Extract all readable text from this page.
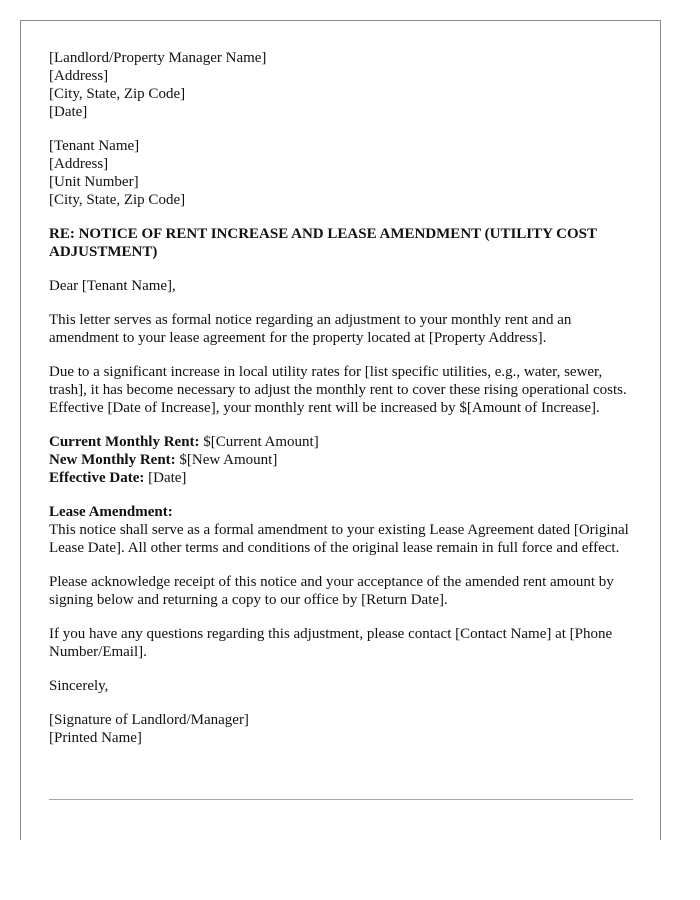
[Landlord/Property Manager Name]
[Address]
[City, State, Zip Code]
[Date]
[Tenant Name]
[Address]
[Unit Number]
[City, State, Zip Code]
RE: NOTICE OF RENT INCREASE AND LEASE AMENDMENT (UTILITY COST ADJUSTMENT)

Dear [Tenant Name],

This letter serves as formal notice regarding an adjustment to your monthly rent and an amendment to your lease agreement for the property located at [Property Address].

Due to a significant increase in local utility rates for [list specific utilities, e.g., water, sewer, trash], it has become necessary to adjust the monthly rent to cover these rising operational costs. Effective [Date of Increase], your monthly rent will be increased by $[Amount of Increase].

Current Monthly Rent: $[Current Amount]
New Monthly Rent: $[New Amount]
Effective Date: [Date]
Lease Amendment:
This notice shall serve as a formal amendment to your existing Lease Agreement dated [Original Lease Date]. All other terms and conditions of the original lease remain in full force and effect.

Please acknowledge receipt of this notice and your acceptance of the amended rent amount by signing below and returning a copy to our office by [Return Date].

If you have any questions regarding this adjustment, please contact [Contact Name] at [Phone Number/Email].

Sincerely,

[Signature of Landlord/Manager]
[Printed Name]
